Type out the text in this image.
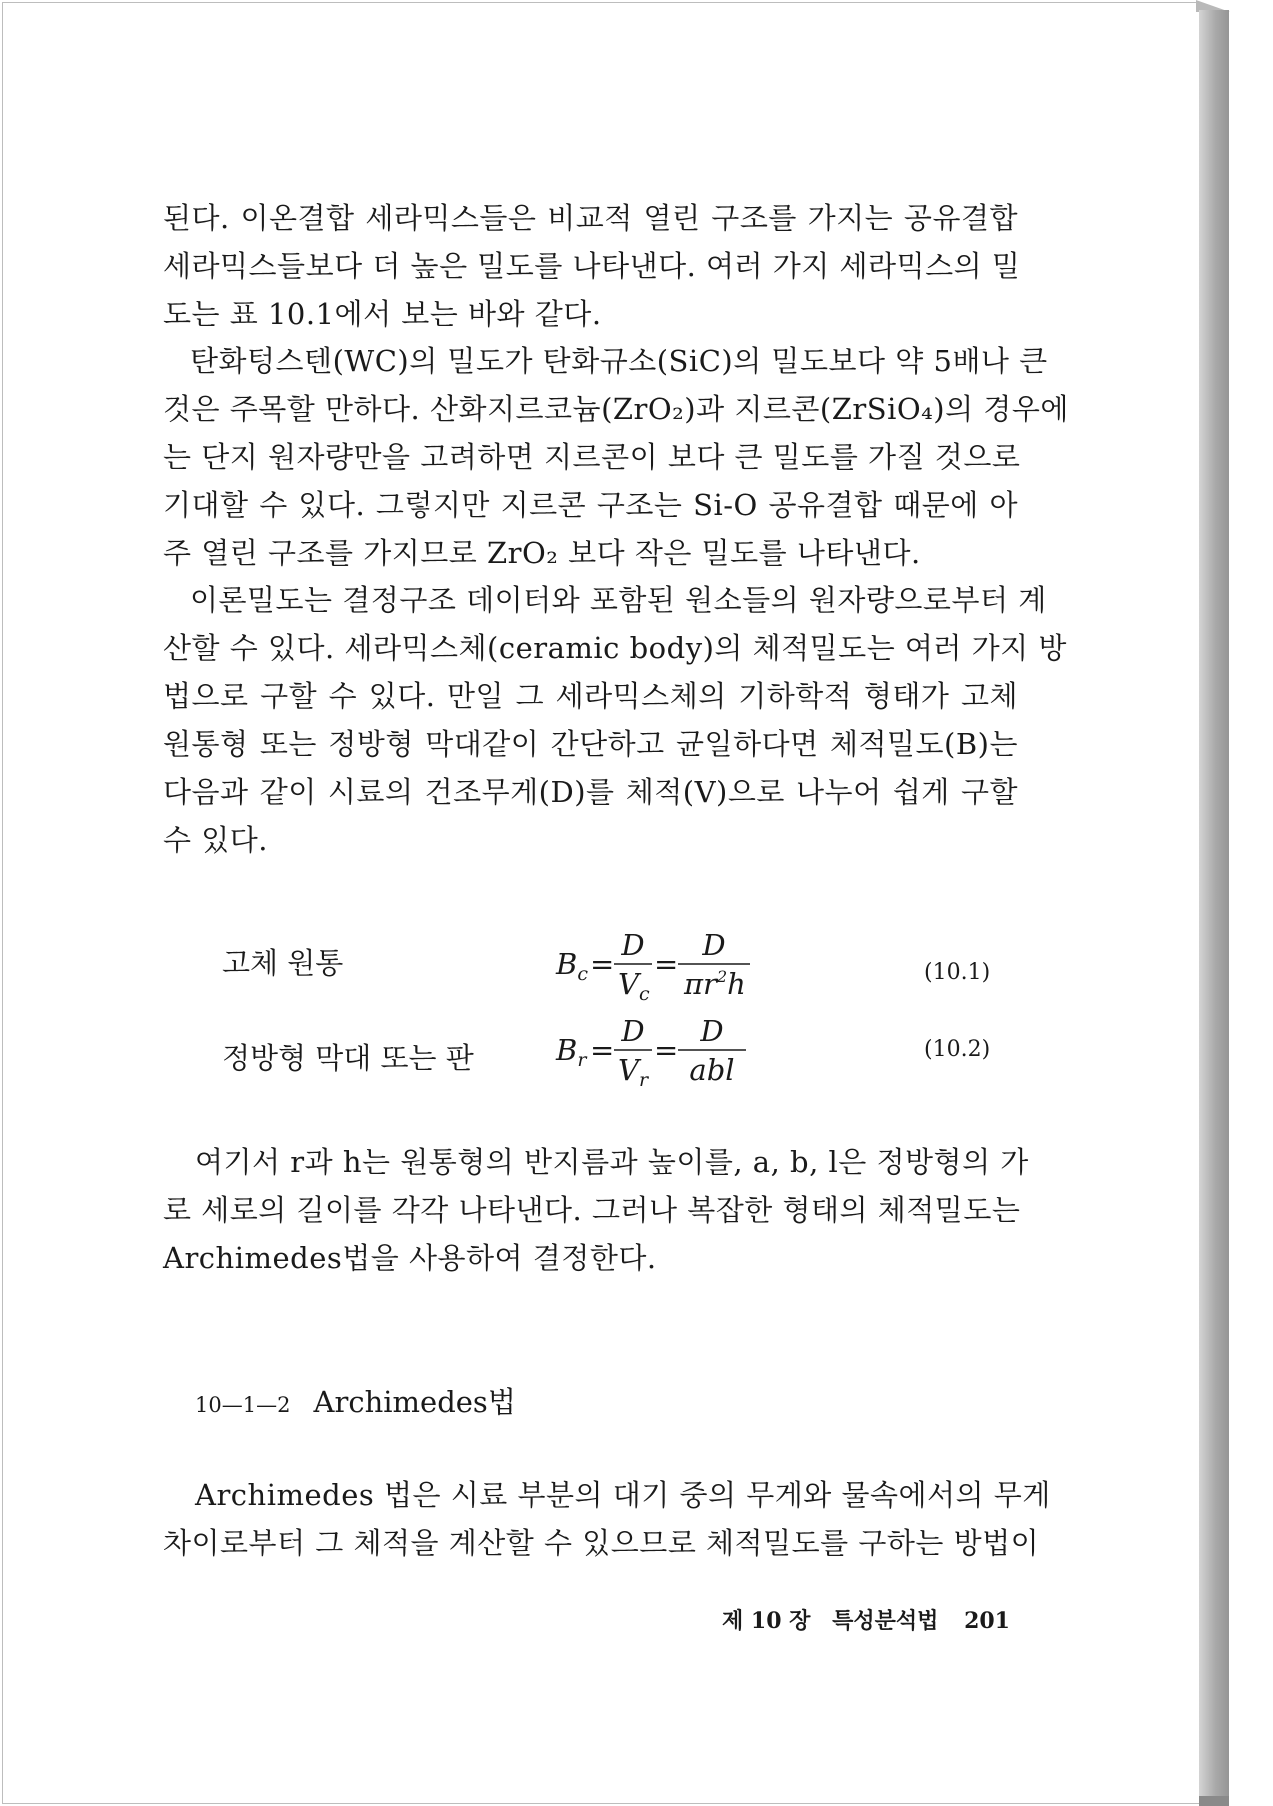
된다. 이온결합 세라믹스들은 비교적 열린 구조를 가지는 공유결합
세라믹스들보다 더 높은 밀도를 나타낸다. 여러 가지 세라믹스의 밀
도는 표 10.1에서 보는 바와 같다.
탄화텅스텐(WC)의 밀도가 탄화규소(SiC)의 밀도보다 약 5배나 큰
것은 주목할 만하다. 산화지르코늄(ZrO₂)과 지르콘(ZrSiO₄)의 경우에
는 단지 원자량만을 고려하면 지르콘이 보다 큰 밀도를 가질 것으로
기대할 수 있다. 그렇지만 지르콘 구조는 Si-O 공유결합 때문에 아
주 열린 구조를 가지므로 ZrO₂ 보다 작은 밀도를 나타낸다.
이론밀도는 결정구조 데이터와 포함된 원소들의 원자량으로부터 계
산할 수 있다. 세라믹스체(ceramic body)의 체적밀도는 여러 가지 방
법으로 구할 수 있다. 만일 그 세라믹스체의 기하학적 형태가 고체
원통형 또는 정방형 막대같이 간단하고 균일하다면 체적밀도(B)는
다음과 같이 시료의 건조무게(D)를 체적(V)으로 나누어 쉽게 구할
수 있다.
고체 원통	$B_c$ =
D
$V_c$
=
D
$\pi r^2h$	(10.1)
정방형 막대 또는 판	$B_r$ =
D
$V_r$
=
D
abl
(10.2)
여기서 r과 h는 원통형의 반지름과 높이를, a, b, l은 정방형의 가
로 세로의 길이를 각각 나타낸다. 그러나 복잡한 형태의 체적밀도는
Archimedes법을 사용하여 결정한다.
10—1—2 Archimedes법
Archimedes 법은 시료 부분의 대기 중의 무게와 물속에서의 무게
차이로부터 그 체적을 계산할 수 있으므로 체적밀도를 구하는 방법이
제 10 장 특성분석법 201
